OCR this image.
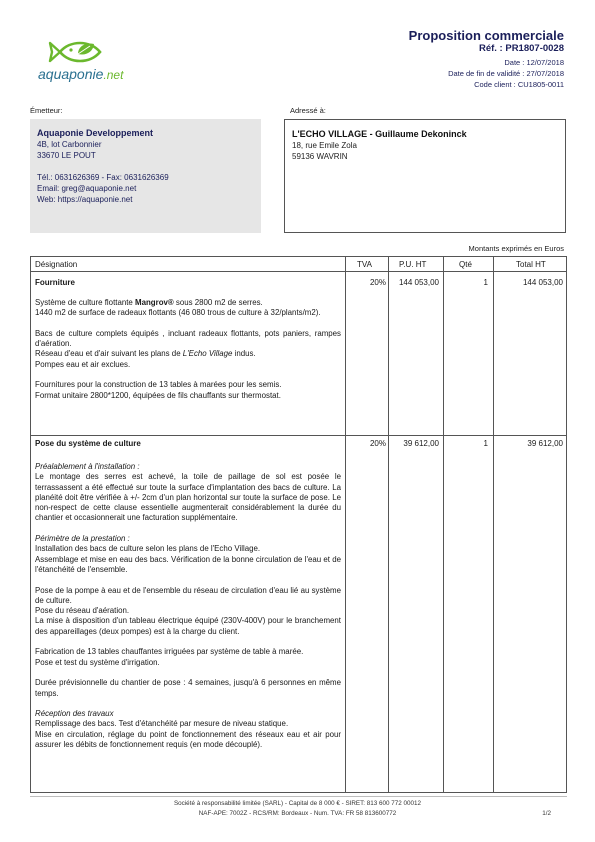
aquaponie.net
Proposition commerciale
Réf. : PR1807-0028
Date : 12/07/2018
Date de fin de validité : 27/07/2018
Code client : CU1805-0011
Émetteur:
Aquaponie Developpement
4B, lot Carbonnier
33670 LE POUT
Tél.: 0631626369 - Fax: 0631626369
Email: greg@aquaponie.net
Web: https://aquaponie.net
Adressé à:
L'ECHO VILLAGE - Guillaume Dekoninck
18, rue Emile Zola
59136 WAVRIN
Montants exprimés en Euros
Désignation	TVA	P.U. HT	Qté	Total HT
Fourniture	20% 144 053,00	1	144 053,00

Système de culture flottante Mangrov® sous 2800 m2 de serres.
1440 m2 de surface de radeaux flottants (46 080 trous de culture à 32/plants/m2).

Bacs de culture complets équipés , incluant radeaux flottants, pots paniers, rampes d'aération.
Réseau d'eau et d'air suivant les plans de L'Echo Village indus.
Pompes eau et air exclues.

Fournitures pour la construction de 13 tables à marées pour les semis.
Format unitaire 2800*1200, équipées de fils chauffants sur thermostat.

Pose du système de culture	20% 39 612,00	1	39 612,00

Préalablement à l'installation :
Le montage des serres est achevé, la toile de paillage de sol est posée le terrassassent a été effectué sur toute la surface d'implantation des bacs de culture. La planéité doit être vérifiée à +/- 2cm d'un plan horizontal sur toute la surface de pose. Le non-respect de cette clause essentielle augmenterait considérablement la durée du chantier et occasionnerait une facturation supplémentaire.

Périmètre de la prestation :
Installation des bacs de culture selon les plans de l'Echo Village.
Assemblage et mise en eau des bacs. Vérification de la bonne circulation de l'eau et de l'étanchéité de l'ensemble.

Pose de la pompe à eau et de l'ensemble du réseau de circulation d'eau lié au système de culture.
Pose du réseau d'aération.
La mise à disposition d'un tableau électrique équipé (230V-400V) pour le branchement des appareillages (deux pompes) est à la charge du client.

Fabrication de 13 tables chauffantes irriguées par système de table à marée.
Pose et test du système d'irrigation.

Durée prévisionnelle du chantier de pose : 4 semaines, jusqu'à 6 personnes en même temps.

Réception des travaux
Remplissage des bacs. Test d'étanchéité par mesure de niveau statique.
Mise en circulation, réglage du point de fonctionnement des réseaux eau et air pour assurer les débits de fonctionnement requis (en mode découplé).

Société à responsabilité limitée (SARL) - Capital de 8 000 € - SIRET: 813 600 772 00012
NAF-APE: 7002Z - RCS/RM: Bordeaux - Num. TVA: FR 58 813600772	1/2
